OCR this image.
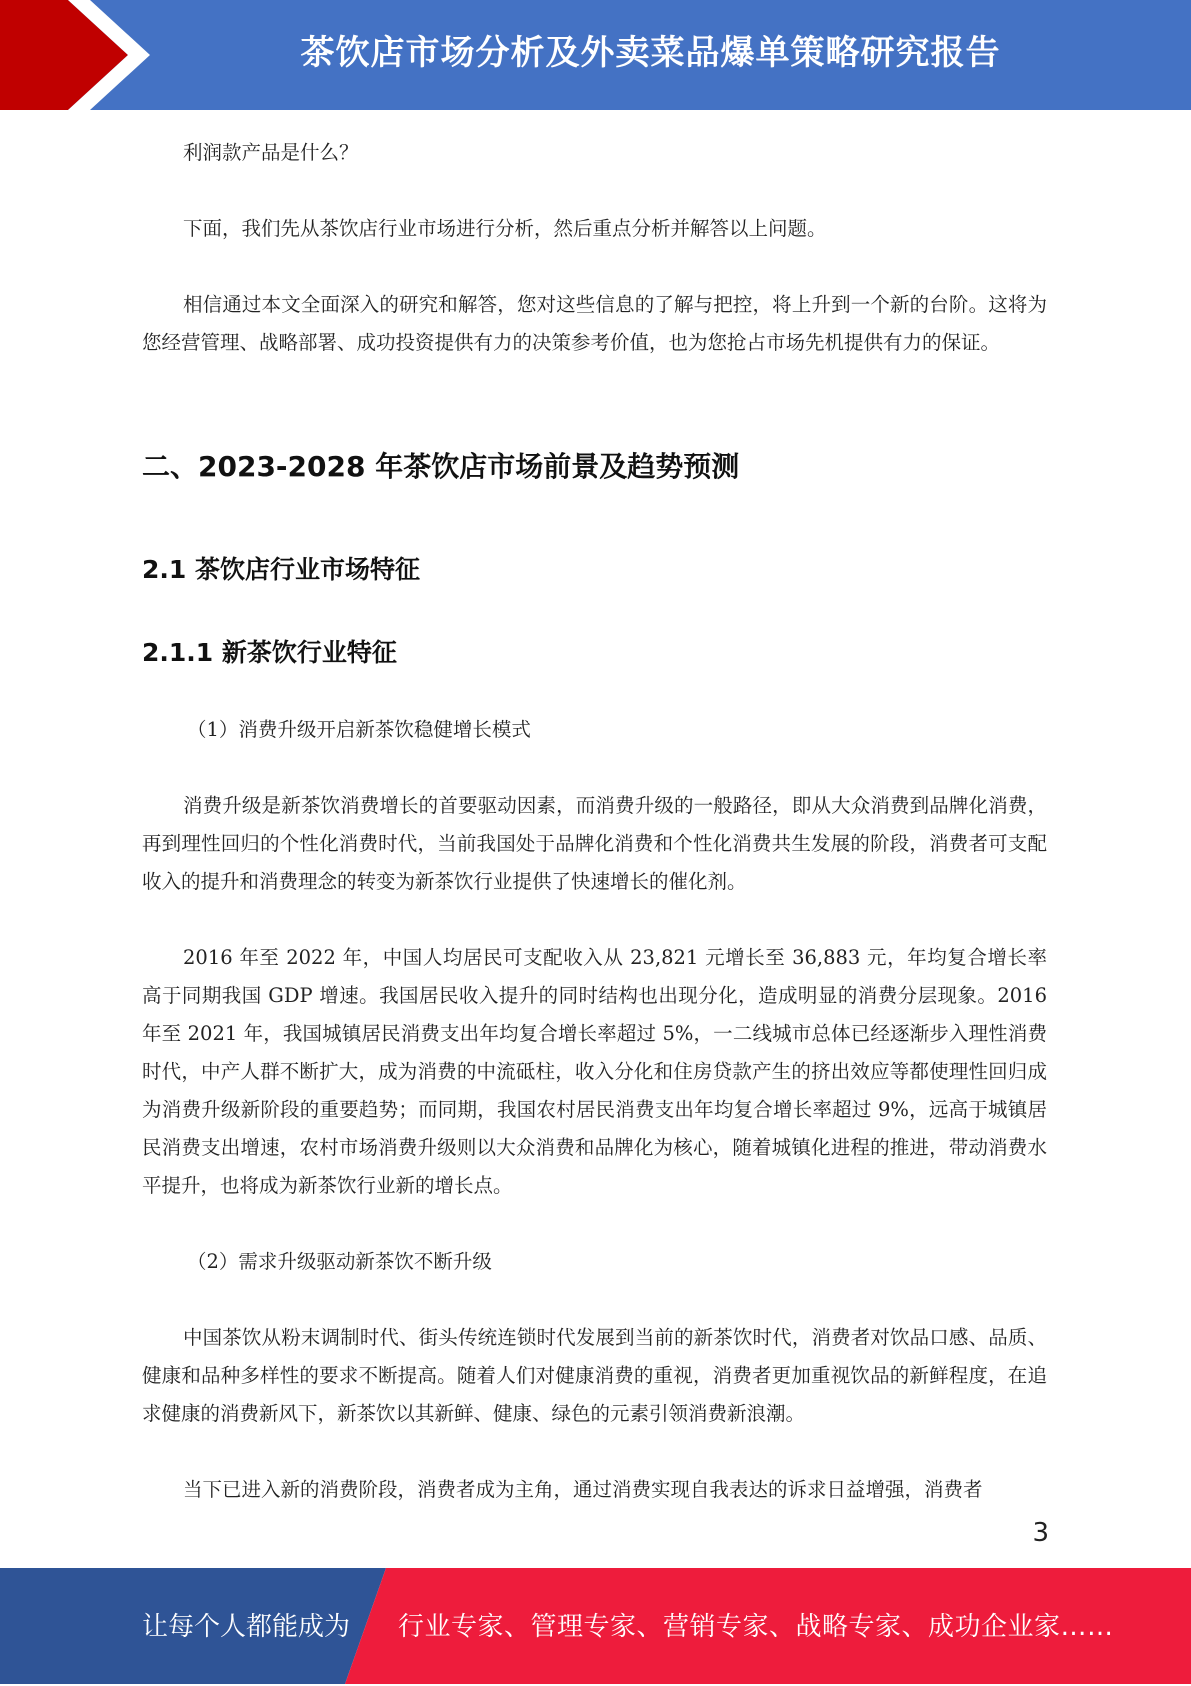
茶饮店市场分析及外卖菜品爆单策略研究报告

利润款产品是什么？

下面，我们先从茶饮店行业市场进行分析，然后重点分析并解答以上问题。

相信通过本文全面深入的研究和解答，您对这些信息的了解与把控，将上升到一个新的台阶。这将为您经营管理、战略部署、成功投资提供有力的决策参考价值，也为您抢占市场先机提供有力的保证。

二、2023-2028 年茶饮店市场前景及趋势预测
2.1 茶饮店行业市场特征
2.1.1 新茶饮行业特征

（1）消费升级开启新茶饮稳健增长模式

消费升级是新茶饮消费增长的首要驱动因素，而消费升级的一般路径，即从大众消费到品牌化消费，再到理性回归的个性化消费时代，当前我国处于品牌化消费和个性化消费共生发展的阶段，消费者可支配收入的提升和消费理念的转变为新茶饮行业提供了快速增长的催化剂。

2016 年至 2022 年，中国人均居民可支配收入从 23,821 元增长至 36,883 元，年均复合增长率高于同期我国 GDP 增速。我国居民收入提升的同时结构也出现分化，造成明显的消费分层现象。2016 年至 2021 年，我国城镇居民消费支出年均复合增长率超过 5%，一二线城市总体已经逐渐步入理性消费时代，中产人群不断扩大，成为消费的中流砥柱，收入分化和住房贷款产生的挤出效应等都使理性回归成为消费升级新阶段的重要趋势；而同期，我国农村居民消费支出年均复合增长率超过 9%，远高于城镇居民消费支出增速，农村市场消费升级则以大众消费和品牌化为核心，随着城镇化进程的推进，带动消费水平提升，也将成为新茶饮行业新的增长点。

（2）需求升级驱动新茶饮不断升级

中国茶饮从粉末调制时代、街头传统连锁时代发展到当前的新茶饮时代，消费者对饮品口感、品质、健康和品种多样性的要求不断提高。随着人们对健康消费的重视，消费者更加重视饮品的新鲜程度，在追求健康的消费新风下，新茶饮以其新鲜、健康、绿色的元素引领消费新浪潮。

当下已进入新的消费阶段，消费者成为主角，通过消费实现自我表达的诉求日益增强，消费者

3
让每个人都能成为 行业专家、管理专家、营销专家、战略专家、成功企业家……
